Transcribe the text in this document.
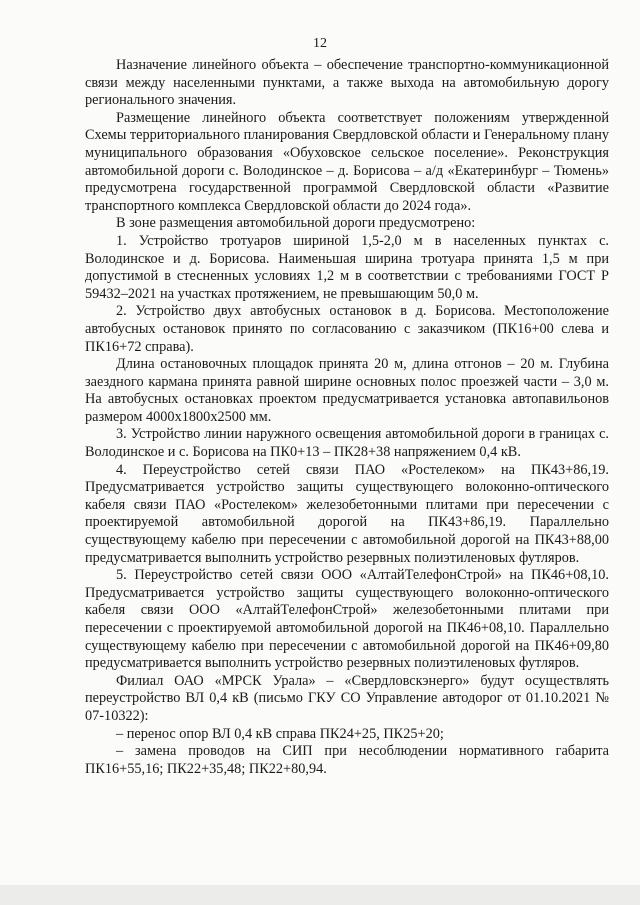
12

Назначение линейного объекта – обеспечение транспортно-коммуникационной связи между населенными пунктами, а также выхода на автомобильную дорогу регионального значения.

Размещение линейного объекта соответствует положениям утвержденной Схемы территориального планирования Свердловской области и Генеральному плану муниципального образования «Обуховское сельское поселение». Реконструкция автомобильной дороги с. Володинское – д. Борисова – а/д «Екатеринбург – Тюмень» предусмотрена государственной программой Свердловской области «Развитие транспортного комплекса Свердловской области до 2024 года».

В зоне размещения автомобильной дороги предусмотрено:

1. Устройство тротуаров шириной 1,5-2,0 м в населенных пунктах с. Володинское и д. Борисова. Наименьшая ширина тротуара принята 1,5 м при допустимой в стесненных условиях 1,2 м в соответствии с требованиями ГОСТ Р 59432–2021 на участках протяжением, не превышающим 50,0 м.

2. Устройство двух автобусных остановок в д. Борисова. Местоположение автобусных остановок принято по согласованию с заказчиком (ПК16+00 слева и ПК16+72 справа).

Длина остановочных площадок принята 20 м, длина отгонов – 20 м. Глубина заездного кармана принята равной ширине основных полос проезжей части – 3,0 м. На автобусных остановках проектом предусматривается установка автопавильонов размером 4000х1800х2500 мм.

3. Устройство линии наружного освещения автомобильной дороги в границах с. Володинское и с. Борисова на ПК0+13 – ПК28+38 напряжением 0,4 кВ.

4. Переустройство сетей связи ПАО «Ростелеком» на ПК43+86,19. Предусматривается устройство защиты существующего волоконно-оптического кабеля связи ПАО «Ростелеком» железобетонными плитами при пересечении с проектируемой автомобильной дорогой на ПК43+86,19. Параллельно существующему кабелю при пересечении с автомобильной дорогой на ПК43+88,00 предусматривается выполнить устройство резервных полиэтиленовых футляров.

5. Переустройство сетей связи ООО «АлтайТелефонСтрой» на ПК46+08,10. Предусматривается устройство защиты существующего волоконно-оптического кабеля связи ООО «АлтайТелефонСтрой» железобетонными плитами при пересечении с проектируемой автомобильной дорогой на ПК46+08,10. Параллельно существующему кабелю при пересечении с автомобильной дорогой на ПК46+09,80 предусматривается выполнить устройство резервных полиэтиленовых футляров.

Филиал ОАО «МРСК Урала» – «Свердловскэнерго» будут осуществлять переустройство ВЛ 0,4 кВ (письмо ГКУ СО Управление автодорог от 01.10.2021 № 07-10322):

– перенос опор ВЛ 0,4 кВ справа ПК24+25, ПК25+20;

– замена проводов на СИП при несоблюдении нормативного габарита ПК16+55,16; ПК22+35,48; ПК22+80,94.
